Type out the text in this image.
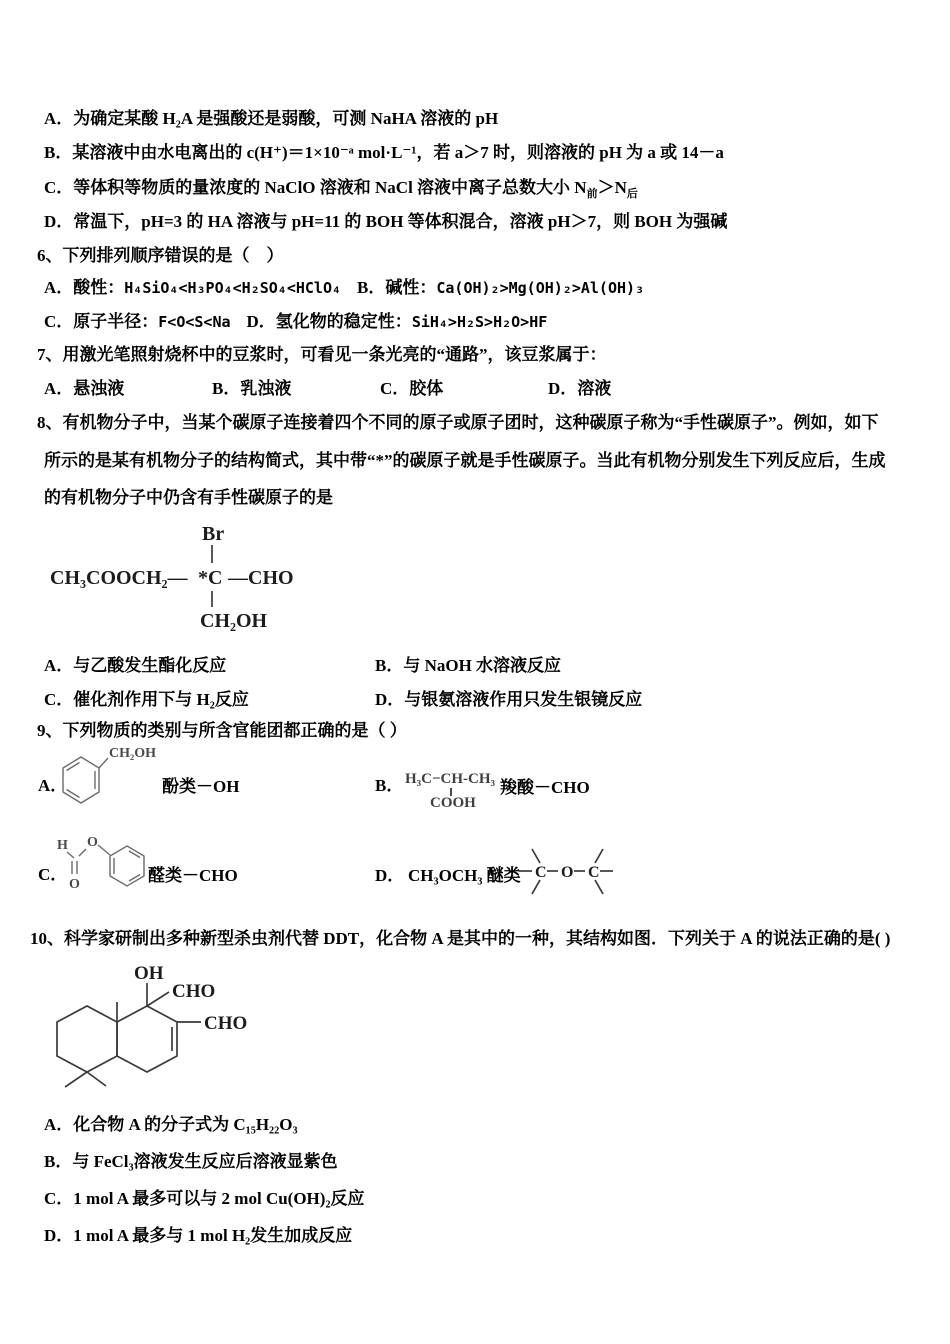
A．为确定某酸 H₂A 是强酸还是弱酸，可测 NaHA 溶液的 pH
B．某溶液中由水电离出的 c(H⁺)＝1×10⁻ᵃ mol·L⁻¹，若 a＞7 时，则溶液的 pH 为 a 或 14－a
C．等体积等物质的量浓度的 NaClO 溶液和 NaCl 溶液中离子总数大小 $N_前>N_后$
D．常温下，pH=3 的 HA 溶液与 pH=11 的 BOH 等体积混合，溶液 pH＞7，则 BOH 为强碱
6、下列排列顺序错误的是（　）
A．酸性：H₄SiO₄<H₃PO₄<H₂SO₄<HClO₄ B．碱性：Ca(OH)₂>Mg(OH)₂>Al(OH)₃
C．原子半径：F<O<S<Na D．氢化物的稳定性：SiH₄>H₂S>H₂O>HF
7、用激光笔照射烧杯中的豆浆时，可看见一条光亮的“通路”，该豆浆属于：
A．悬浊液	B．乳浊液	C．胶体	D．溶液
8、有机物分子中，当某个碳原子连接着四个不同的原子或原子团时，这种碳原子称为“手性碳原子”。例如，如下
所示的是某有机物分子的结构简式，其中带“*”的碳原子就是手性碳原子。当此有机物分别发生下列反应后，生成
的有机物分子中仍含有手性碳原子的是
Br
CH₃COOCH₂— *C —CHO
CH₂OH
A．与乙酸发生酯化反应	B．与 NaOH 水溶液反应
C．催化剂作用下与 H₂反应	D．与银氨溶液作用只发生银镜反应
9、下列物质的类别与所含官能团都正确的是（ ）
A．
CH₂OH
酚类－OH	B． H₃C−CH-CH₃
COOH
羧酸－CHO
C．
H
O
O
醛类－CHO	D． CH₃OCH₃ 醚类 C O C
10、科学家研制出多种新型杀虫剂代替 DDT，化合物 A 是其中的一种，其结构如图．下列关于 A 的说法正确的是( )
OH
CHO
CHO
A．化合物 A 的分子式为 C₁₅H₂₂O₃
B．与 FeCl₃溶液发生反应后溶液显紫色
C．1 mol A 最多可以与 2 mol Cu(OH)₂反应
D．1 mol A 最多与 1 mol H₂发生加成反应
